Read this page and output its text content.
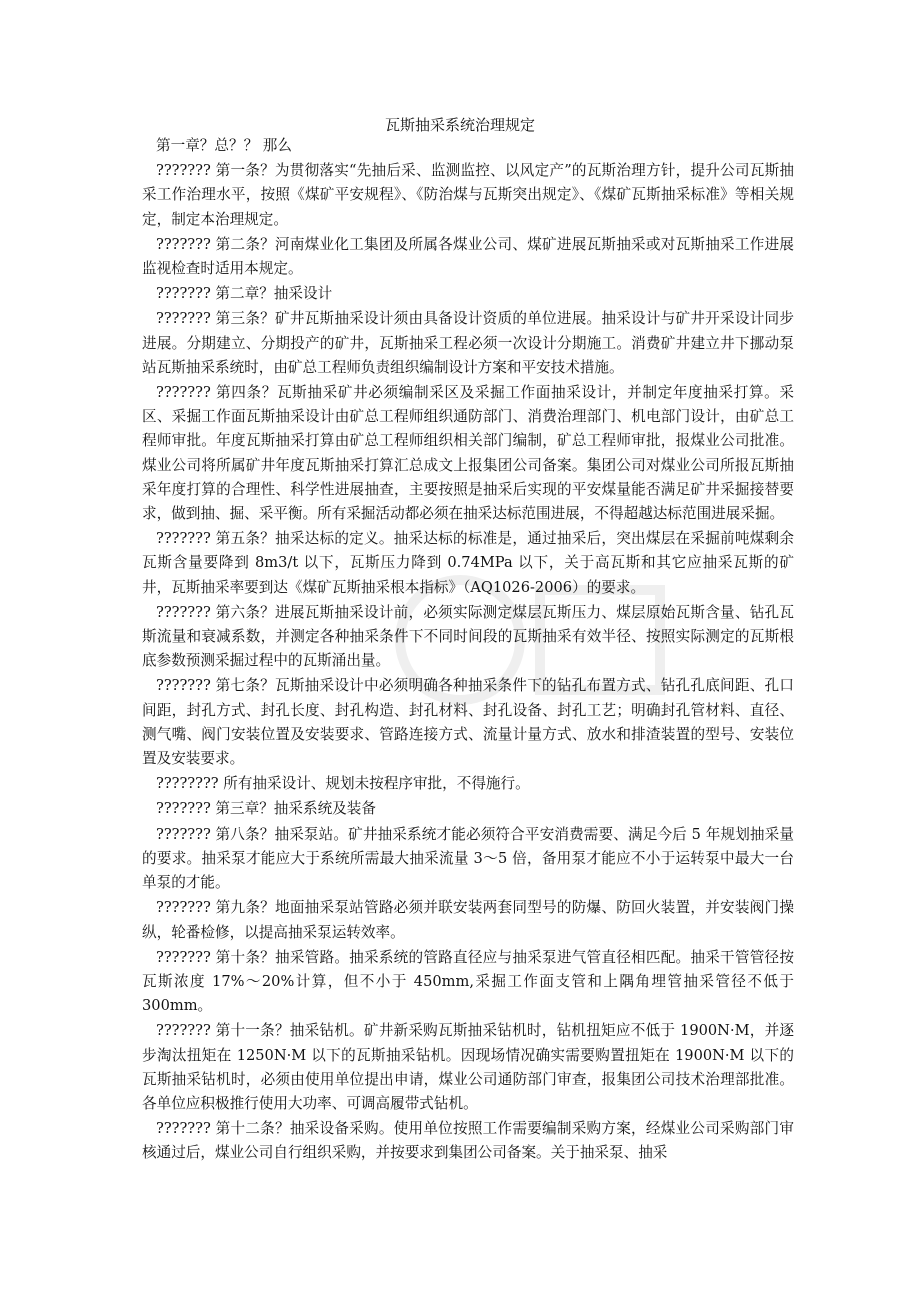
瓦斯抽采系统治理规定

第一章？总？？ 那么

??????? 第一条？为贯彻落实“先抽后采、监测监控、以风定产”的瓦斯治理方针，提升公司瓦斯抽采工作治理水平，按照《煤矿平安规程》、《防治煤与瓦斯突出规定》、《煤矿瓦斯抽采标准》等相关规定，制定本治理规定。

??????? 第二条？河南煤业化工集团及所属各煤业公司、煤矿进展瓦斯抽采或对瓦斯抽采工作进展监视检查时适用本规定。

??????? 第二章？抽采设计

??????? 第三条？矿井瓦斯抽采设计须由具备设计资质的单位进展。抽采设计与矿井开采设计同步进展。分期建立、分期投产的矿井，瓦斯抽采工程必须一次设计分期施工。消费矿井建立井下挪动泵站瓦斯抽采系统时，由矿总工程师负责组织编制设计方案和平安技术措施。

??????? 第四条？瓦斯抽采矿井必须编制采区及采掘工作面抽采设计，并制定年度抽采打算。采区、采掘工作面瓦斯抽采设计由矿总工程师组织通防部门、消费治理部门、机电部门设计，由矿总工程师审批。年度瓦斯抽采打算由矿总工程师组织相关部门编制，矿总工程师审批，报煤业公司批准。煤业公司将所属矿井年度瓦斯抽采打算汇总成文上报集团公司备案。集团公司对煤业公司所报瓦斯抽采年度打算的合理性、科学性进展抽查，主要按照是抽采后实现的平安煤量能否满足矿井采掘接替要求，做到抽、掘、采平衡。所有采掘活动都必须在抽采达标范围进展，不得超越达标范围进展采掘。

??????? 第五条？抽采达标的定义。抽采达标的标准是，通过抽采后，突出煤层在采掘前吨煤剩余瓦斯含量要降到 8m3/t 以下，瓦斯压力降到 0.74MPa 以下，关于高瓦斯和其它应抽采瓦斯的矿井，瓦斯抽采率要到达《煤矿瓦斯抽采根本指标》（AQ1026-2006）的要求。

??????? 第六条？进展瓦斯抽采设计前，必须实际测定煤层瓦斯压力、煤层原始瓦斯含量、钻孔瓦斯流量和衰减系数，并测定各种抽采条件下不同时间段的瓦斯抽采有效半径、按照实际测定的瓦斯根底参数预测采掘过程中的瓦斯涌出量。

??????? 第七条？瓦斯抽采设计中必须明确各种抽采条件下的钻孔布置方式、钻孔孔底间距、孔口间距，封孔方式、封孔长度、封孔构造、封孔材料、封孔设备、封孔工艺；明确封孔管材料、直径、测气嘴、阀门安装位置及安装要求、管路连接方式、流量计量方式、放水和排渣装置的型号、安装位置及安装要求。

???????? 所有抽采设计、规划未按程序审批，不得施行。

??????? 第三章？抽采系统及装备

??????? 第八条？抽采泵站。矿井抽采系统才能必须符合平安消费需要、满足今后 5 年规划抽采量的要求。抽采泵才能应大于系统所需最大抽采流量 3～5 倍，备用泵才能应不小于运转泵中最大一台单泵的才能。

??????? 第九条？地面抽采泵站管路必须并联安装两套同型号的防爆、防回火装置，并安装阀门操纵，轮番检修，以提高抽采泵运转效率。

??????? 第十条？抽采管路。抽采系统的管路直径应与抽采泵进气管直径相匹配。抽采干管管径按瓦斯浓度 17%～20%计算，但不小于 450mm,采掘工作面支管和上隅角埋管抽采管径不低于 300mm。

??????? 第十一条？抽采钻机。矿井新采购瓦斯抽采钻机时，钻机扭矩应不低于 1900N·M，并逐步淘汰扭矩在 1250N·M 以下的瓦斯抽采钻机。因现场情况确实需要购置扭矩在 1900N·M 以下的瓦斯抽采钻机时，必须由使用单位提出申请，煤业公司通防部门审查，报集团公司技术治理部批准。各单位应积极推行使用大功率、可调高履带式钻机。

??????? 第十二条？抽采设备采购。使用单位按照工作需要编制采购方案，经煤业公司采购部门审核通过后，煤业公司自行组织采购，并按要求到集团公司备案。关于抽采泵、抽采
